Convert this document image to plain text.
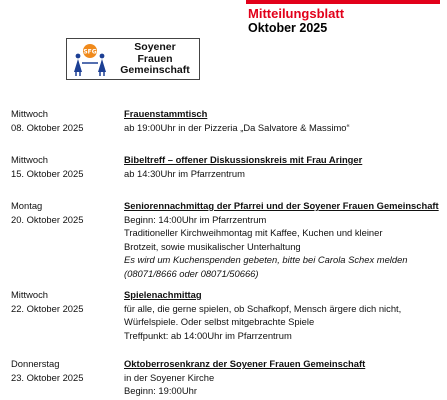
Mitteilungsblatt
Oktober 2025
SFG	Soyener
Frauen
Gemeinschaft
Mittwoch
08. Oktober 2025
Frauenstammtisch
ab 19:00Uhr in der Pizzeria „Da Salvatore & Massimo“
Mittwoch
15. Oktober 2025
Bibeltreff – offener Diskussionskreis mit Frau Aringer
ab 14:30Uhr im Pfarrzentrum
Montag
20. Oktober 2025
Seniorennachmittag der Pfarrei und der Soyener Frauen Gemeinschaft
Beginn: 14:00Uhr im Pfarrzentrum
Traditioneller Kirchweihmontag mit Kaffee, Kuchen und kleiner
Brotzeit, sowie musikalischer Unterhaltung
Es wird um Kuchenspenden gebeten, bitte bei Carola Schex melden
(08071/8666 oder 08071/50666)
Mittwoch
22. Oktober 2025
Spielenachmittag
für alle, die gerne spielen, ob Schafkopf, Mensch ärgere dich nicht,
Würfelspiele. Oder selbst mitgebrachte Spiele
Treffpunkt: ab 14:00Uhr im Pfarrzentrum
Donnerstag
23. Oktober 2025
Oktoberrosenkranz der Soyener Frauen Gemeinschaft
in der Soyener Kirche
Beginn: 19:00Uhr
